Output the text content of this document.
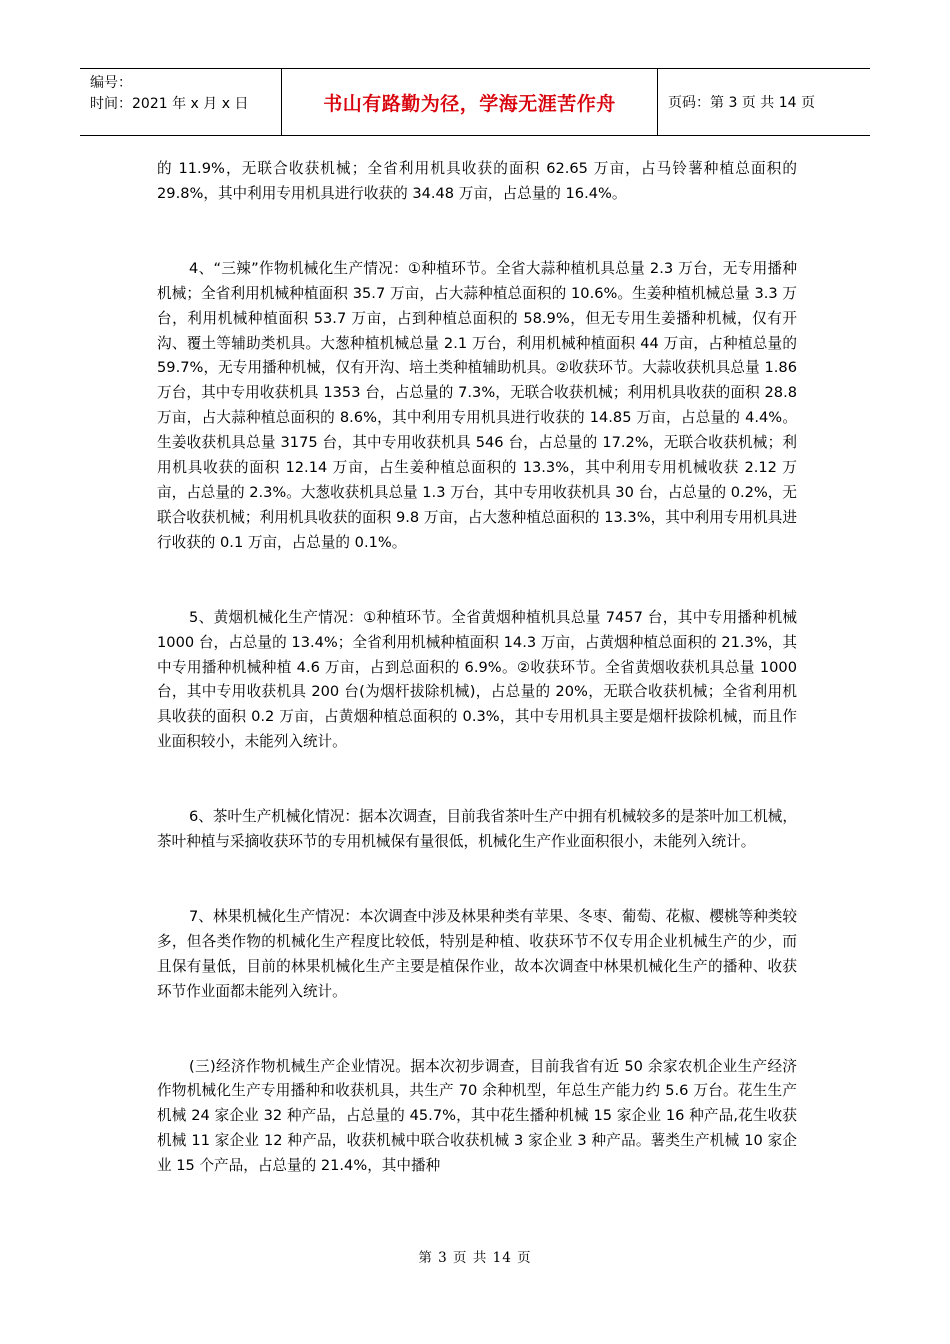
编号：
时间：2021 年 x 月 x 日	书山有路勤为径，学海无涯苦作舟	页码：第 3 页 共 14 页

的 11.9%，无联合收获机械；全省利用机具收获的面积 62.65 万亩，占马铃薯种植总面积的 29.8%，其中利用专用机具进行收获的 34.48 万亩，占总量的 16.4%。

4、“三辣”作物机械化生产情况：①种植环节。全省大蒜种植机具总量 2.3 万台，无专用播种机械；全省利用机械种植面积 35.7 万亩，占大蒜种植总面积的 10.6%。生姜种植机械总量 3.3 万台，利用机械种植面积 53.7 万亩，占到种植总面积的 58.9%，但无专用生姜播种机械，仅有开沟、覆土等辅助类机具。大葱种植机械总量 2.1 万台，利用机械种植面积 44 万亩，占种植总量的 59.7%，无专用播种机械，仅有开沟、培土类种植辅助机具。②收获环节。大蒜收获机具总量 1.86 万台，其中专用收获机具 1353 台，占总量的 7.3%，无联合收获机械；利用机具收获的面积 28.8 万亩，占大蒜种植总面积的 8.6%，其中利用专用机具进行收获的 14.85 万亩，占总量的 4.4%。生姜收获机具总量 3175 台，其中专用收获机具 546 台，占总量的 17.2%，无联合收获机械；利用机具收获的面积 12.14 万亩，占生姜种植总面积的 13.3%，其中利用专用机械收获 2.12 万亩，占总量的 2.3%。大葱收获机具总量 1.3 万台，其中专用收获机具 30 台，占总量的 0.2%，无联合收获机械；利用机具收获的面积 9.8 万亩，占大葱种植总面积的 13.3%，其中利用专用机具进行收获的 0.1 万亩，占总量的 0.1%。

5、黄烟机械化生产情况：①种植环节。全省黄烟种植机具总量 7457 台，其中专用播种机械 1000 台，占总量的 13.4%；全省利用机械种植面积 14.3 万亩，占黄烟种植总面积的 21.3%，其中专用播种机械种植 4.6 万亩，占到总面积的 6.9%。②收获环节。全省黄烟收获机具总量 1000 台，其中专用收获机具 200 台(为烟杆拔除机械)，占总量的 20%，无联合收获机械；全省利用机具收获的面积 0.2 万亩，占黄烟种植总面积的 0.3%，其中专用机具主要是烟杆拔除机械，而且作业面积较小，未能列入统计。

6、茶叶生产机械化情况：据本次调查，目前我省茶叶生产中拥有机械较多的是茶叶加工机械，茶叶种植与采摘收获环节的专用机械保有量很低，机械化生产作业面积很小，未能列入统计。

7、林果机械化生产情况：本次调查中涉及林果种类有苹果、冬枣、葡萄、花椒、樱桃等种类较多，但各类作物的机械化生产程度比较低，特别是种植、收获环节不仅专用企业机械生产的少，而且保有量低，目前的林果机械化生产主要是植保作业，故本次调查中林果机械化生产的播种、收获环节作业面都未能列入统计。

(三)经济作物机械生产企业情况。据本次初步调查，目前我省有近 50 余家农机企业生产经济作物机械化生产专用播种和收获机具，共生产 70 余种机型，年总生产能力约 5.6 万台。花生生产机械 24 家企业 32 种产品，占总量的 45.7%，其中花生播种机械 15 家企业 16 种产品,花生收获机械 11 家企业 12 种产品，收获机械中联合收获机械 3 家企业 3 种产品。薯类生产机械 10 家企业 15 个产品，占总量的 21.4%，其中播种

第 3 页 共 14 页
